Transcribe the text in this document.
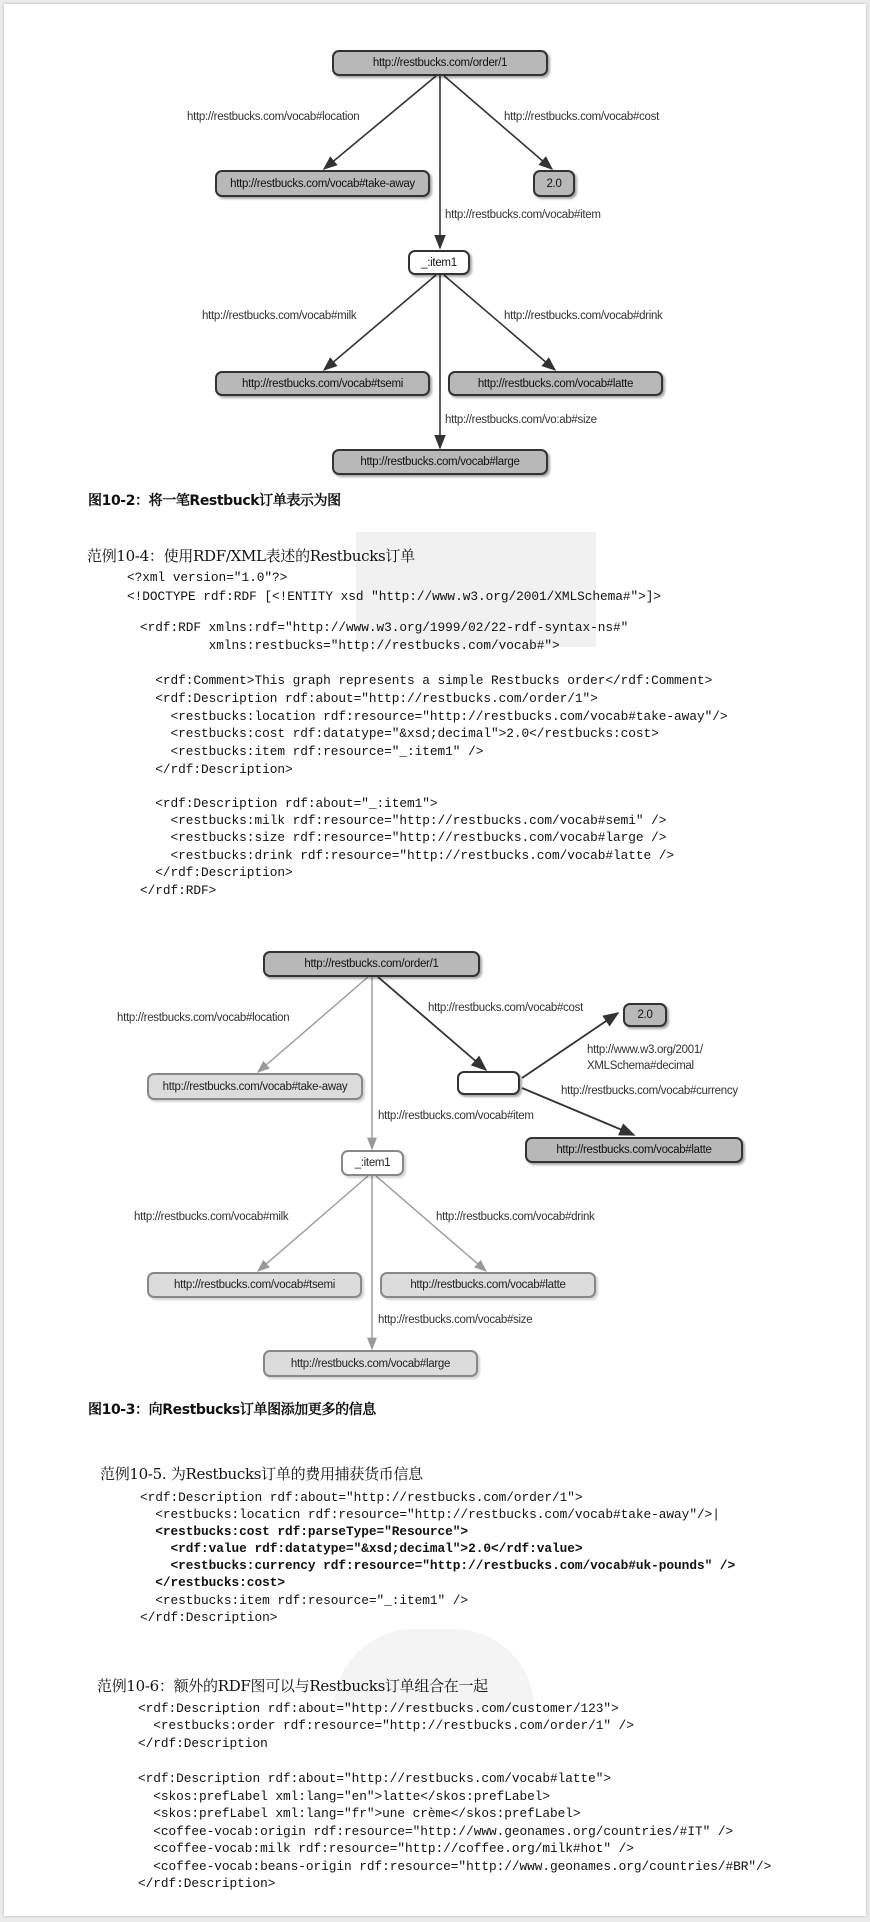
http://restbucks.com/order/1
http://restbucks.com/vocab#take-away	2.0
_:item1
http://restbucks.com/vocab#tsemi	http://restbucks.com/vocab#latte
http://restbucks.com/vocab#large
http://restbucks.com/vocab#location	http://restbucks.com/vocab#cost
http://restbucks.com/vocab#item
http://restbucks.com/vocab#milk	http://restbucks.com/vocab#drink
http://restbucks.com/vo:ab#size
图10-2：将一笔Restbuck订单表示为图
范例10-4：使用RDF/XML表述的Restbucks订单
<?xml version="1.0"?>
<!DOCTYPE rdf:RDF [<!ENTITY xsd "http://www.w3.org/2001/XMLSchema#">]>
<rdf:RDF xmlns:rdf="http://www.w3.org/1999/02/22-rdf-syntax-ns#"
xmlns:restbucks="http://restbucks.com/vocab#">
<rdf:Comment>This graph represents a simple Restbucks order</rdf:Comment>
<rdf:Description rdf:about="http://restbucks.com/order/1">
<restbucks:location rdf:resource="http://restbucks.com/vocab#take-away"/>
<restbucks:cost rdf:datatype="&xsd;decimal">2.0</restbucks:cost>
<restbucks:item rdf:resource="_:item1" />
</rdf:Description>
<rdf:Description rdf:about="_:item1">
<restbucks:milk rdf:resource="http://restbucks.com/vocab#semi" />
<restbucks:size rdf:resource="http://restbucks.com/vocab#large />
<restbucks:drink rdf:resource="http://restbucks.com/vocab#latte />
</rdf:Description>
</rdf:RDF>
http://restbucks.com/order/1
http://restbucks.com/vocab#take-away
2.0
http://restbucks.com/vocab#latte
_:item1
http://restbucks.com/vocab#tsemi	http://restbucks.com/vocab#latte
http://restbucks.com/vocab#large
http://restbucks.com/vocab#location
http://restbucks.com/vocab#cost
http://www.w3.org/2001/
XMLSchema#decimal
http://restbucks.com/vocab#currency
http://restbucks.com/vocab#item
http://restbucks.com/vocab#milk	http://restbucks.com/vocab#drink
http://restbucks.com/vocab#size
图10-3：向Restbucks订单图添加更多的信息
范例10-5. 为Restbucks订单的费用捕获货币信息
<rdf:Description rdf:about="http://restbucks.com/order/1">
<restbucks:locaticn rdf:resource="http://restbucks.com/vocab#take-away"/>|
<restbucks:cost rdf:parseType="Resource">
<rdf:value rdf:datatype="&xsd;decimal">2.0</rdf:value>
<restbucks:currency rdf:resource="http://restbucks.com/vocab#uk-pounds" />
</restbucks:cost>
<restbucks:item rdf:resource="_:item1" />
</rdf:Description>
范例10-6：额外的RDF图可以与Restbucks订单组合在一起
<rdf:Description rdf:about="http://restbucks.com/customer/123">
<restbucks:order rdf:resource="http://restbucks.com/order/1" />
</rdf:Description
<rdf:Description rdf:about="http://restbucks.com/vocab#latte">
<skos:prefLabel xml:lang="en">latte</skos:prefLabel>
<skos:prefLabel xml:lang="fr">une crème</skos:prefLabel>
<coffee-vocab:origin rdf:resource="http://www.geonames.org/countries/#IT" />
<coffee-vocab:milk rdf:resource="http://coffee.org/milk#hot" />
<coffee-vocab:beans-origin rdf:resource="http://www.geonames.org/countries/#BR"/>
</rdf:Description>
